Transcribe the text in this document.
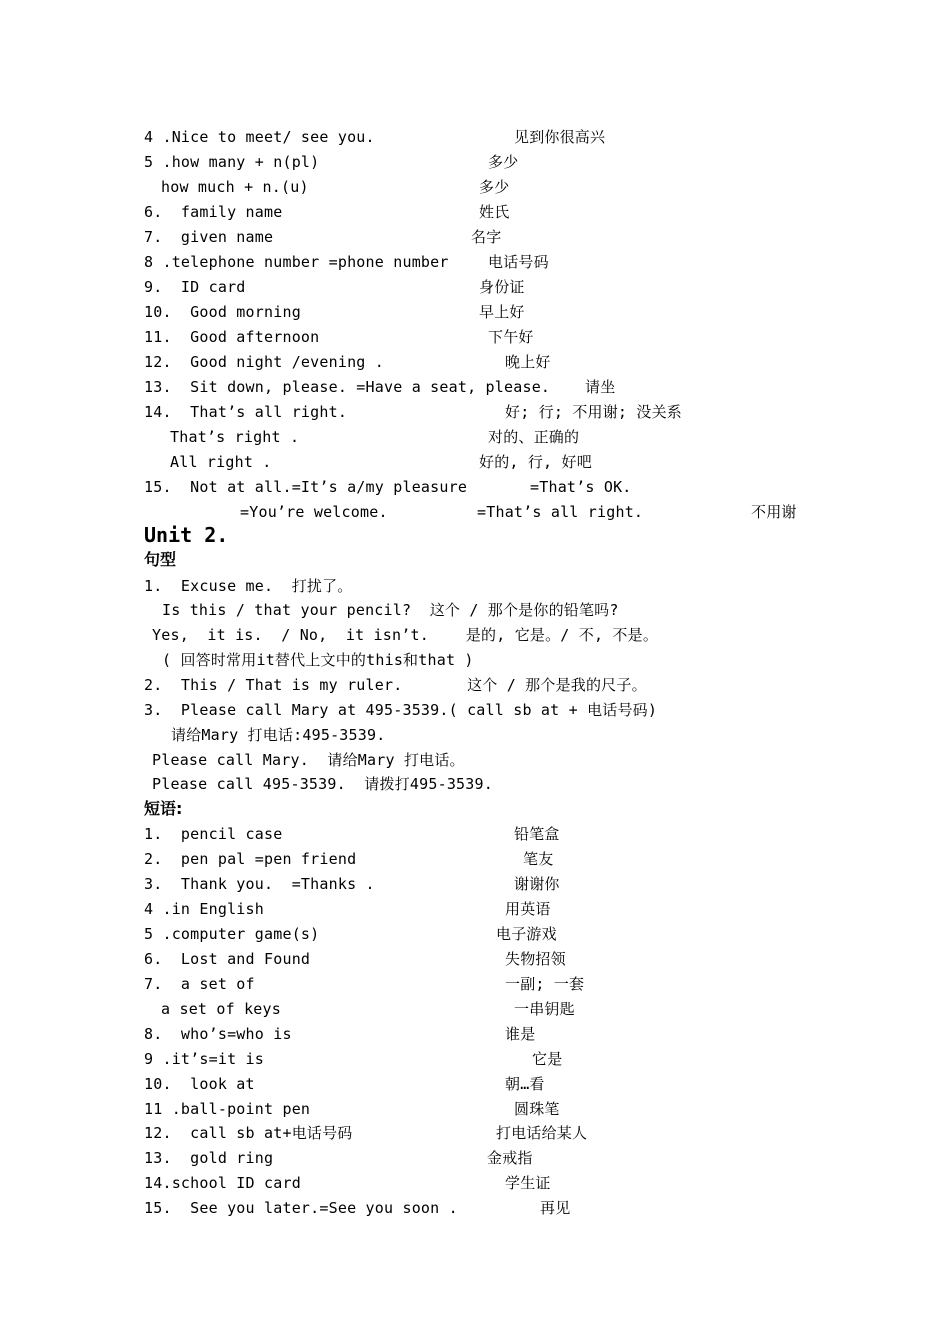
4 .Nice to meet/ see you.	见到你很高兴
5 .how many + n(pl)	多少
how much + n.(u)	多少
6.  family name	姓氏
7.  given name	名字
8 .telephone number =phone number	电话号码
9.  ID card	身份证
10.  Good morning	早上好
11.  Good afternoon	下午好
12.  Good night /evening .	晚上好
13.  Sit down, please. =Have a seat, please. 请坐
14.  That’s all right.	好; 行; 不用谢; 没关系
That’s right .	对的、正确的
All right .	好的, 行, 好吧
15.  Not at all.=It’s a/my pleasure	=That’s OK.
=You’re welcome.	=That’s all right.	不用谢
Unit 2.
句型
1.  Excuse me.  打扰了。
Is this / that your pencil?  这个 / 那个是你的铅笔吗?
Yes,  it is.  / No,  it isn’t.    是的, 它是。/ 不, 不是。
( 回答时常用it替代上文中的this和that )
2.  This / That is my ruler.       这个 / 那个是我的尺子。
3.  Please call Mary at 495-3539.( call sb at + 电话号码)
请给Mary 打电话:495-3539.
Please call Mary.  请给Mary 打电话。
Please call 495-3539.  请拨打495-3539.
短语:
1.  pencil case	铅笔盒
2.  pen pal =pen friend	笔友
3.  Thank you.  =Thanks .	谢谢你
4 .in English	用英语
5 .computer game(s)	电子游戏
6.  Lost and Found	失物招领
7.  a set of	一副; 一套
a set of keys	一串钥匙
8.  who’s=who is	谁是
9 .it’s=it is	它是
10.  look at	朝…看
11 .ball-point pen	圆珠笔
12.  call sb at+电话号码	打电话给某人
13.  gold ring	金戒指
14.school ID card	学生证
15.  See you later.=See you soon .	再见
